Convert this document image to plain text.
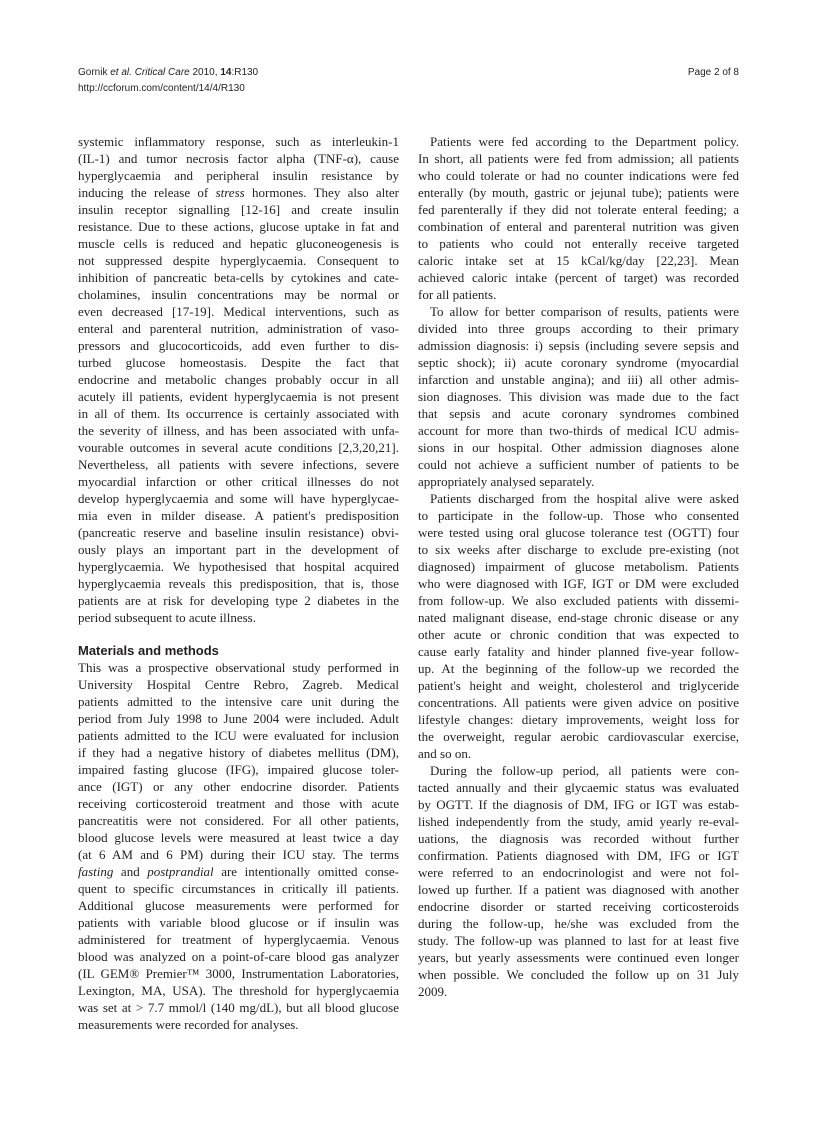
Gornik et al. Critical Care 2010, 14:R130
http://ccforum.com/content/14/4/R130
Page 2 of 8
systemic inflammatory response, such as interleukin-1
(IL-1) and tumor necrosis factor alpha (TNF-α), cause
hyperglycaemia and peripheral insulin resistance by
inducing the release of stress hormones. They also alter
insulin receptor signalling [12-16] and create insulin
resistance. Due to these actions, glucose uptake in fat and
muscle cells is reduced and hepatic gluconeogenesis is
not suppressed despite hyperglycaemia. Consequent to
inhibition of pancreatic beta-cells by cytokines and cate-
cholamines, insulin concentrations may be normal or
even decreased [17-19]. Medical interventions, such as
enteral and parenteral nutrition, administration of vaso-
pressors and glucocorticoids, add even further to dis-
turbed glucose homeostasis. Despite the fact that
endocrine and metabolic changes probably occur in all
acutely ill patients, evident hyperglycaemia is not present
in all of them. Its occurrence is certainly associated with
the severity of illness, and has been associated with unfa-
vourable outcomes in several acute conditions [2,3,20,21].
Nevertheless, all patients with severe infections, severe
myocardial infarction or other critical illnesses do not
develop hyperglycaemia and some will have hyperglycae-
mia even in milder disease. A patient's predisposition
(pancreatic reserve and baseline insulin resistance) obvi-
ously plays an important part in the development of
hyperglycaemia. We hypothesised that hospital acquired
hyperglycaemia reveals this predisposition, that is, those
patients are at risk for developing type 2 diabetes in the
period subsequent to acute illness.
Materials and methods
This was a prospective observational study performed in
University Hospital Centre Rebro, Zagreb. Medical
patients admitted to the intensive care unit during the
period from July 1998 to June 2004 were included. Adult
patients admitted to the ICU were evaluated for inclusion
if they had a negative history of diabetes mellitus (DM),
impaired fasting glucose (IFG), impaired glucose toler-
ance (IGT) or any other endocrine disorder. Patients
receiving corticosteroid treatment and those with acute
pancreatitis were not considered. For all other patients,
blood glucose levels were measured at least twice a day
(at 6 AM and 6 PM) during their ICU stay. The terms
fasting and postprandial are intentionally omitted conse-
quent to specific circumstances in critically ill patients.
Additional glucose measurements were performed for
patients with variable blood glucose or if insulin was
administered for treatment of hyperglycaemia. Venous
blood was analyzed on a point-of-care blood gas analyzer
(IL GEM® Premier™ 3000, Instrumentation Laboratories,
Lexington, MA, USA). The threshold for hyperglycaemia
was set at > 7.7 mmol/l (140 mg/dL), but all blood glucose
measurements were recorded for analyses.
Patients were fed according to the Department policy.
In short, all patients were fed from admission; all patients
who could tolerate or had no counter indications were fed
enterally (by mouth, gastric or jejunal tube); patients were
fed parenterally if they did not tolerate enteral feeding; a
combination of enteral and parenteral nutrition was given
to patients who could not enterally receive targeted
caloric intake set at 15 kCal/kg/day [22,23]. Mean
achieved caloric intake (percent of target) was recorded
for all patients.
To allow for better comparison of results, patients were
divided into three groups according to their primary
admission diagnosis: i) sepsis (including severe sepsis and
septic shock); ii) acute coronary syndrome (myocardial
infarction and unstable angina); and iii) all other admis-
sion diagnoses. This division was made due to the fact
that sepsis and acute coronary syndromes combined
account for more than two-thirds of medical ICU admis-
sions in our hospital. Other admission diagnoses alone
could not achieve a sufficient number of patients to be
appropriately analysed separately.
Patients discharged from the hospital alive were asked
to participate in the follow-up. Those who consented
were tested using oral glucose tolerance test (OGTT) four
to six weeks after discharge to exclude pre-existing (not
diagnosed) impairment of glucose metabolism. Patients
who were diagnosed with IGF, IGT or DM were excluded
from follow-up. We also excluded patients with dissemi-
nated malignant disease, end-stage chronic disease or any
other acute or chronic condition that was expected to
cause early fatality and hinder planned five-year follow-
up. At the beginning of the follow-up we recorded the
patient's height and weight, cholesterol and triglyceride
concentrations. All patients were given advice on positive
lifestyle changes: dietary improvements, weight loss for
the overweight, regular aerobic cardiovascular exercise,
and so on.
During the follow-up period, all patients were con-
tacted annually and their glycaemic status was evaluated
by OGTT. If the diagnosis of DM, IFG or IGT was estab-
lished independently from the study, amid yearly re-eval-
uations, the diagnosis was recorded without further
confirmation. Patients diagnosed with DM, IFG or IGT
were referred to an endocrinologist and were not fol-
lowed up further. If a patient was diagnosed with another
endocrine disorder or started receiving corticosteroids
during the follow-up, he/she was excluded from the
study. The follow-up was planned to last for at least five
years, but yearly assessments were continued even longer
when possible. We concluded the follow up on 31 July
2009.
